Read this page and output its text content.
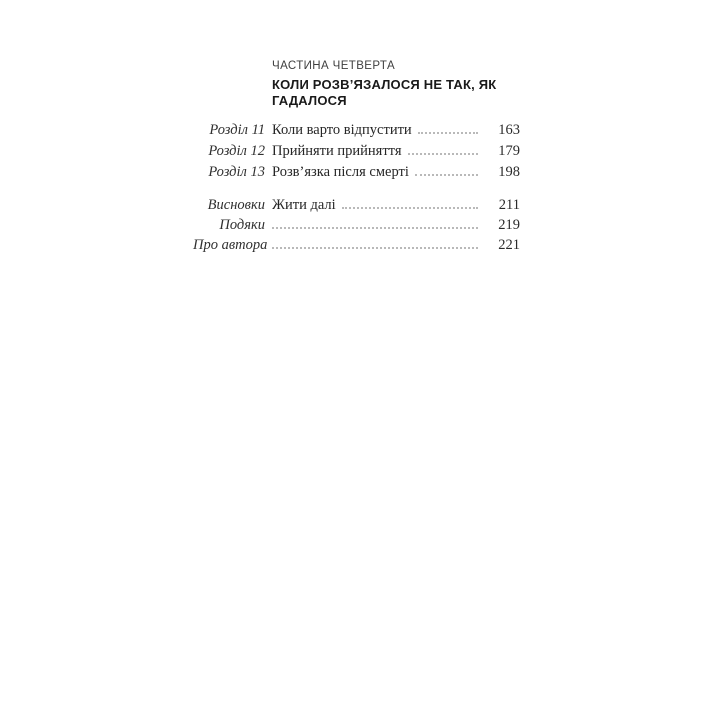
ЧАСТИНА ЧЕТВЕРТА
КОЛИ РОЗВ’ЯЗАЛОСЯ НЕ ТАК, ЯК ГАДАЛОСЯ
Розділ 11 Коли варто відпустити	163
Розділ 12 Прийняти прийняття	179
Розділ 13 Розв’язка після смерті	198
Висновки Жити далі	211
Подяки	219
Про автора	221
